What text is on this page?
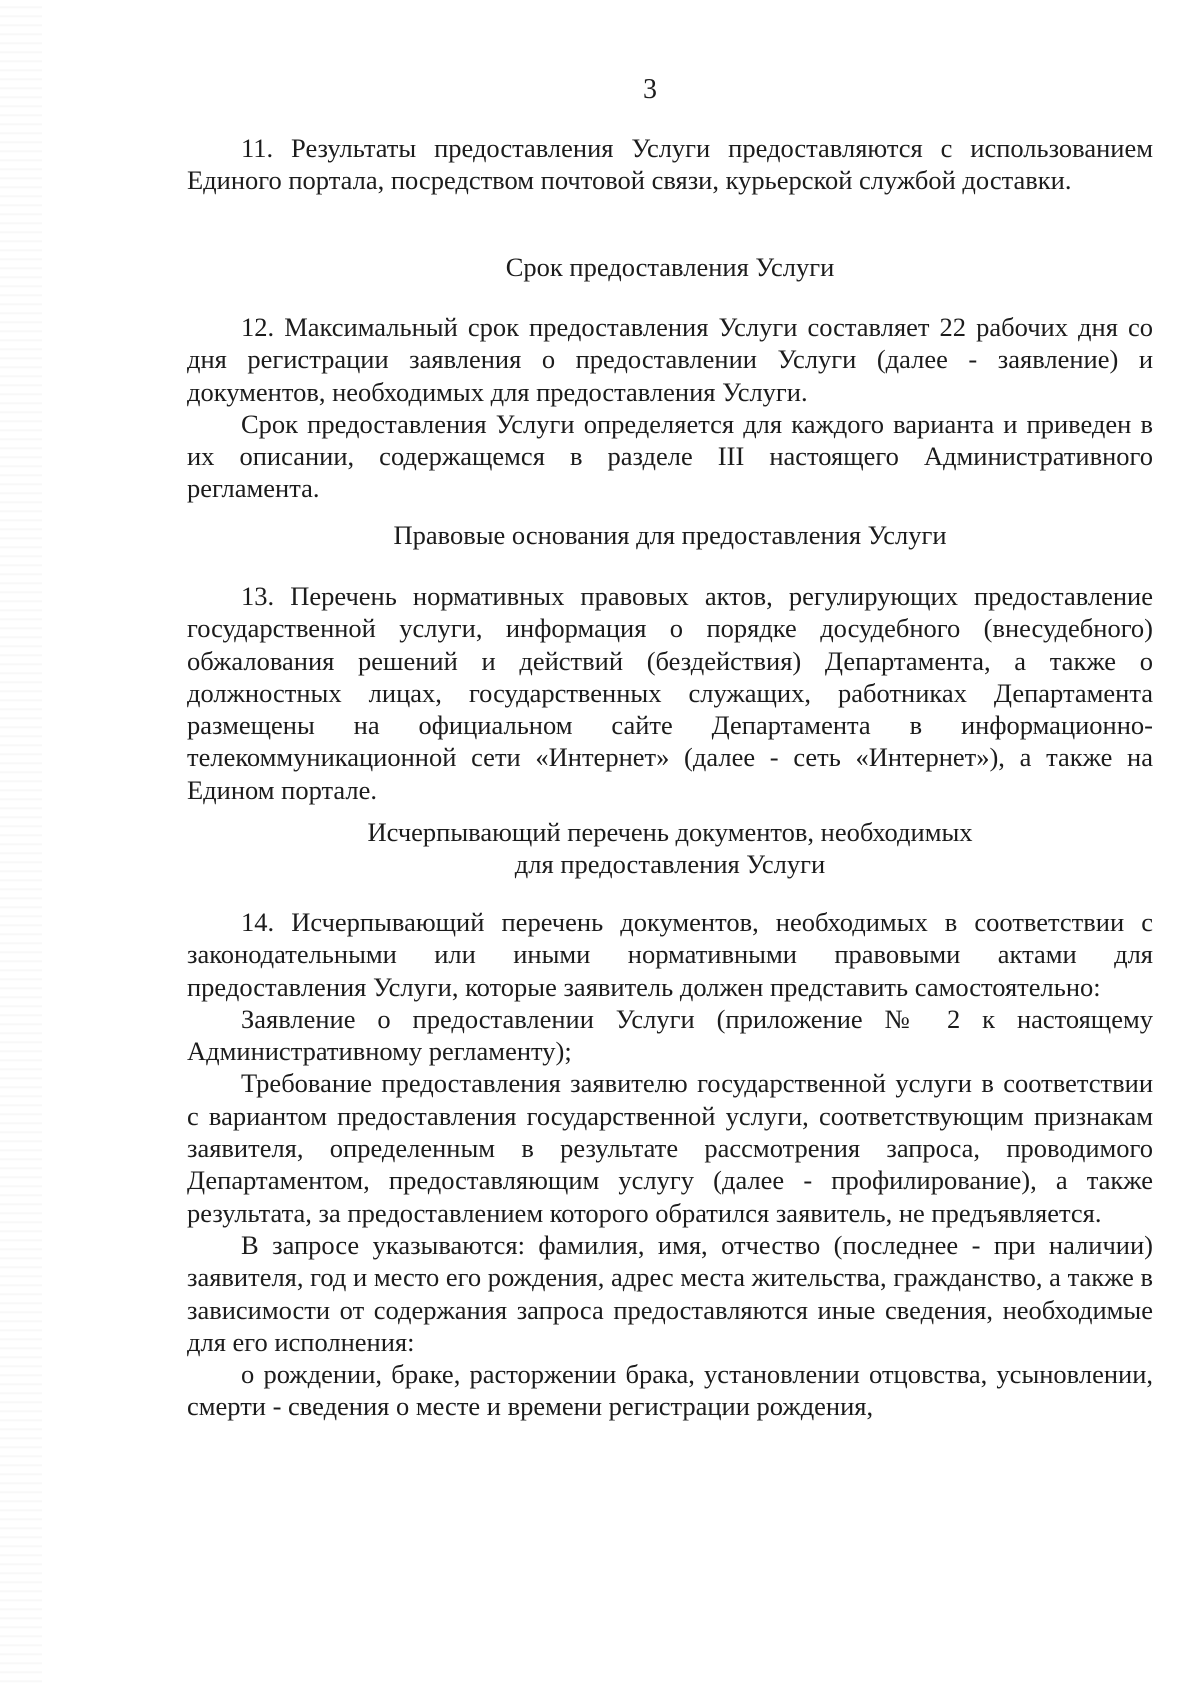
3

11. Результаты предоставления Услуги предоставляются с использованием Единого портала, посредством почтовой связи, курьерской службой доставки.

Срок предоставления Услуги

12. Максимальный срок предоставления Услуги составляет 22 рабочих дня со дня регистрации заявления о предоставлении Услуги (далее - заявление) и документов, необходимых для предоставления Услуги.

Срок предоставления Услуги определяется для каждого варианта и приведен в их описании, содержащемся в разделе III настоящего Административного регламента.

Правовые основания для предоставления Услуги

13. Перечень нормативных правовых актов, регулирующих предоставление государственной услуги, информация о порядке досудебного (внесудебного) обжалования решений и действий (бездействия) Департамента, а также о должностных лицах, государственных служащих, работниках Департамента размещены на официальном сайте Департамента в информационно-телекоммуникационной сети «Интернет» (далее - сеть «Интернет»), а также на Едином портале.

Исчерпывающий перечень документов, необходимых
для предоставления Услуги

14. Исчерпывающий перечень документов, необходимых в соответствии с законодательными или иными нормативными правовыми актами для предоставления Услуги, которые заявитель должен представить самостоятельно:

Заявление о предоставлении Услуги (приложение № 2 к настоящему Административному регламенту);

Требование предоставления заявителю государственной услуги в соответствии с вариантом предоставления государственной услуги, соответствующим признакам заявителя, определенным в результате рассмотрения запроса, проводимого Департаментом, предоставляющим услугу (далее - профилирование), а также результата, за предоставлением которого обратился заявитель, не предъявляется.

В запросе указываются: фамилия, имя, отчество (последнее - при наличии) заявителя, год и место его рождения, адрес места жительства, гражданство, а также в зависимости от содержания запроса предоставляются иные сведения, необходимые для его исполнения:

о рождении, браке, расторжении брака, установлении отцовства, усыновлении, смерти - сведения о месте и времени регистрации рождения,
